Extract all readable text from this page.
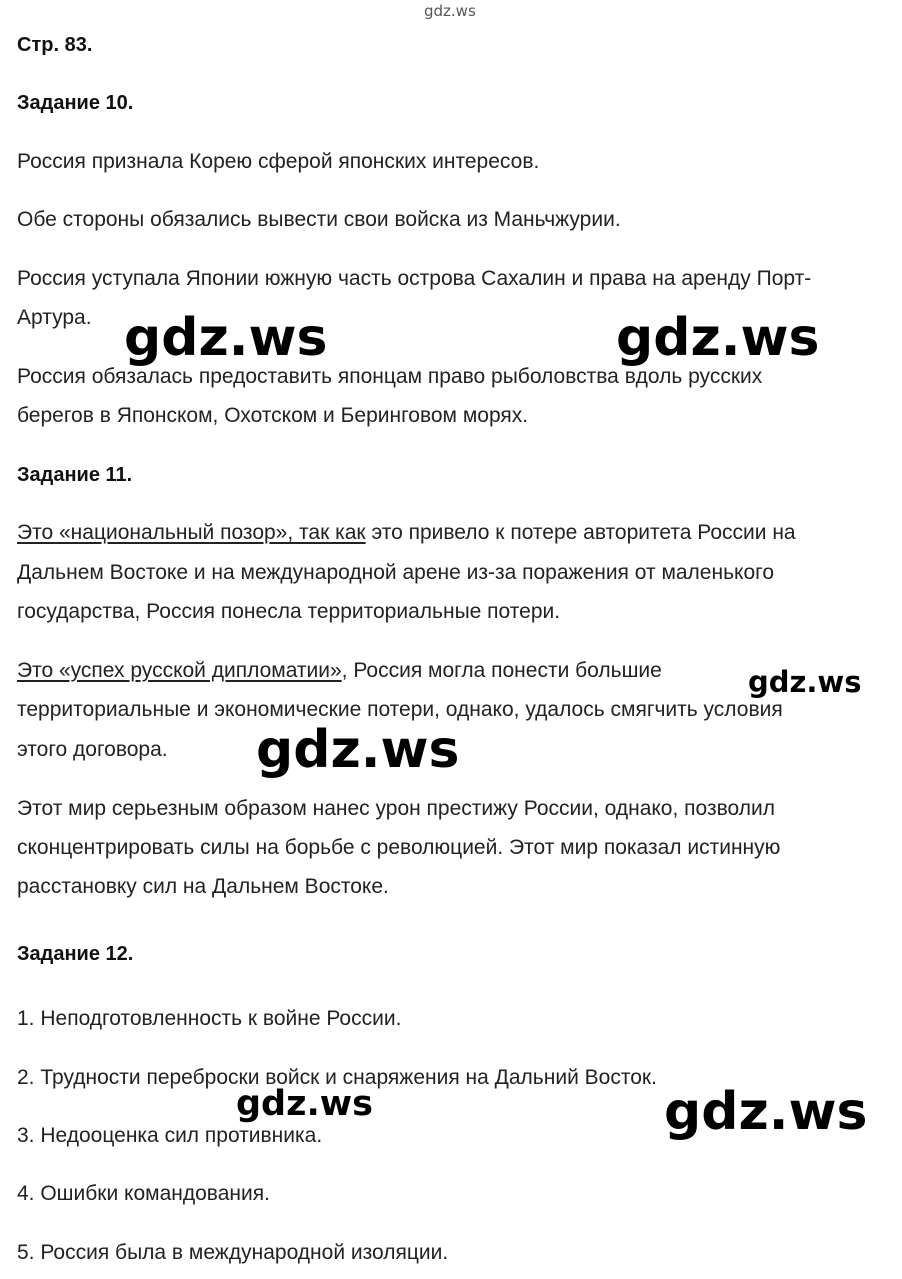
gdz.ws

Стр. 83.

Задание 10.

Россия признала Корею сферой японских интересов.

Обе стороны обязались вывести свои войска из Маньчжурии.

Россия уступала Японии южную часть острова Сахалин и права на аренду Порт-

Артура.

Россия обязалась предоставить японцам право рыболовства вдоль русских

берегов в Японском, Охотском и Беринговом морях.

Задание 11.

Это «национальный позор», так как это привело к потере авторитета России на

Дальнем Востоке и на международной арене из-за поражения от маленького

государства, Россия понесла территориальные потери.

Это «успех русской дипломатии», Россия могла понести большие

территориальные и экономические потери, однако, удалось смягчить условия

этого договора.

Этот мир серьезным образом нанес урон престижу России, однако, позволил

сконцентрировать силы на борьбе с революцией. Этот мир показал истинную

расстановку сил на Дальнем Востоке.

Задание 12.

1. Неподготовленность к войне России.

2. Трудности переброски войск и снаряжения на Дальний Восток.

3. Недооценка сил противника.

4. Ошибки командования.

5. Россия была в международной изоляции.

gdz.ws	gdz.ws
gdz.ws
gdz.ws
gdz.ws	gdz.ws
